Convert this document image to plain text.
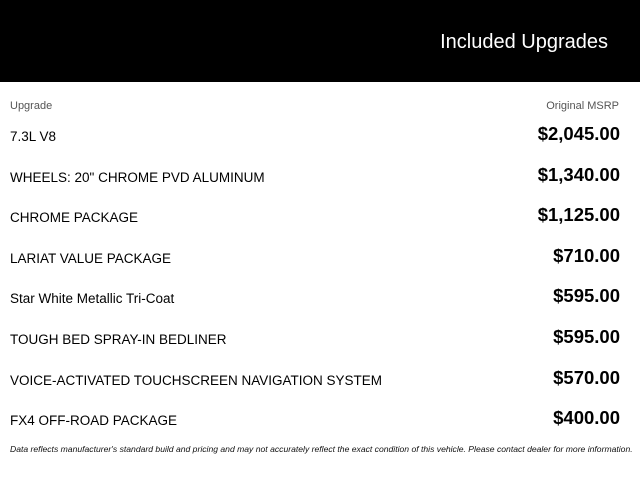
Included Upgrades
Upgrade	Original MSRP
7.3L V8	$2,045.00
WHEELS: 20" CHROME PVD ALUMINUM	$1,340.00
CHROME PACKAGE	$1,125.00
LARIAT VALUE PACKAGE	$710.00
Star White Metallic Tri-Coat	$595.00
TOUGH BED SPRAY-IN BEDLINER	$595.00
VOICE-ACTIVATED TOUCHSCREEN NAVIGATION SYSTEM	$570.00
FX4 OFF-ROAD PACKAGE	$400.00
Data reflects manufacturer's standard build and pricing and may not accurately reflect the exact condition of this vehicle. Please contact dealer for more information.
